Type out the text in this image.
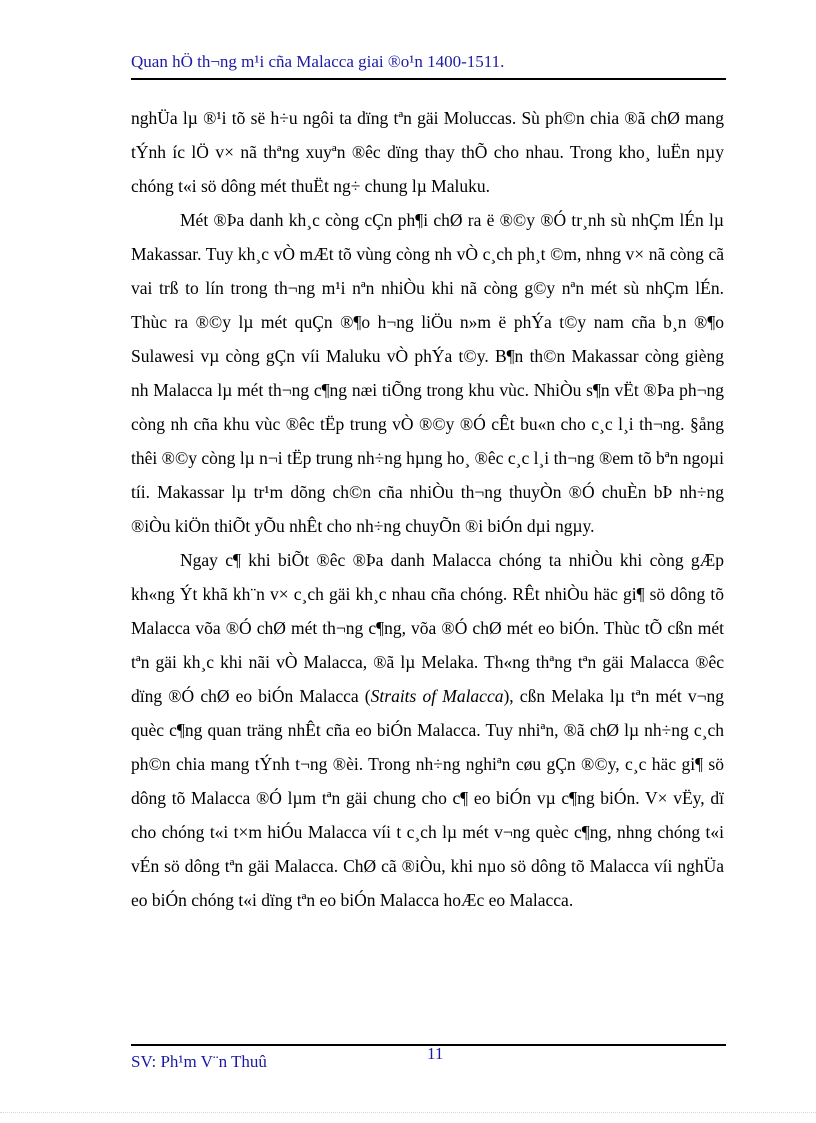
Quan hÖ th¬ng m¹i cña Malacca giai ®o¹n 1400-1511.

nghÜa lµ ®¹i tõ së h÷u ngôi ta dïng tªn gäi Moluccas. Sù ph©n chia ®ã chØ mang tÝnh íc lÖ v× nã thªng xuyªn ®êc dïng thay thÕ cho nhau. Trong kho¸ luËn nµy chóng t«i sö dông mét thuËt ng÷ chung lµ Maluku.

Mét ®Þa danh kh¸c còng cÇn ph¶i chØ ra ë ®©y ®Ó tr¸nh sù nhÇm lÉn lµ Makassar. Tuy kh¸c vÒ mÆt tõ vùng còng nh vÒ c¸ch ph¸t ©m, nhng v× nã còng cã vai trß to lín trong th¬ng m¹i nªn nhiÒu khi nã còng g©y nªn mét sù nhÇm lÉn. Thùc ra ®©y lµ mét quÇn ®¶o h¬ng liÖu n»m ë phÝa t©y nam cña b¸n ®¶o Sulawesi vµ còng gÇn víi Maluku vÒ phÝa t©y. B¶n th©n Makassar còng gièng nh Malacca lµ mét th¬ng c¶ng næi tiÕng trong khu vùc. NhiÒu s¶n vËt ®Þa ph¬ng còng nh cña khu vùc ®êc tËp trung vÒ ®©y ®Ó cÊt bu«n cho c¸c l¸i th¬ng. §ång thêi ®©y còng lµ n¬i tËp trung nh÷ng hµng ho¸ ®êc c¸c l¸i th¬ng ®em tõ bªn ngoµi tíi. Makassar lµ tr¹m dõng ch©n cña nhiÒu th¬ng thuyÒn ®Ó chuÈn bÞ nh÷ng ®iÒu kiÖn thiÕt yÕu nhÊt cho nh÷ng chuyÕn ®i biÓn dµi ngµy.

Ngay c¶ khi biÕt ®êc ®Þa danh Malacca chóng ta nhiÒu khi còng gÆp kh«ng Ýt khã kh¨n v× c¸ch gäi kh¸c nhau cña chóng. RÊt nhiÒu häc gi¶ sö dông tõ Malacca võa ®Ó chØ mét th¬ng c¶ng, võa ®Ó chØ mét eo biÓn. Thùc tÕ cßn mét tªn gäi kh¸c khi nãi vÒ Malacca, ®ã lµ Melaka. Th«ng thªng tªn gäi Malacca ®êc dïng ®Ó chØ eo biÓn Malacca (Straits of Malacca), cßn Melaka lµ tªn mét v¬ng quèc c¶ng quan träng nhÊt cña eo biÓn Malacca. Tuy nhiªn, ®ã chØ lµ nh÷ng c¸ch ph©n chia mang tÝnh t¬ng ®èi. Trong nh÷ng nghiªn cøu gÇn ®©y, c¸c häc gi¶ sö dông tõ Malacca ®Ó lµm tªn gäi chung cho c¶ eo biÓn vµ c¶ng biÓn. V× vËy, dï cho chóng t«i t×m hiÓu Malacca víi t c¸ch lµ mét v¬ng quèc c¶ng, nhng chóng t«i vÉn sö dông tªn gäi Malacca. ChØ cã ®iÒu, khi nµo sö dông tõ Malacca víi nghÜa eo biÓn chóng t«i dïng tªn eo biÓn Malacca hoÆc eo Malacca.

SV: Ph¹m V¨n Thuû	11
